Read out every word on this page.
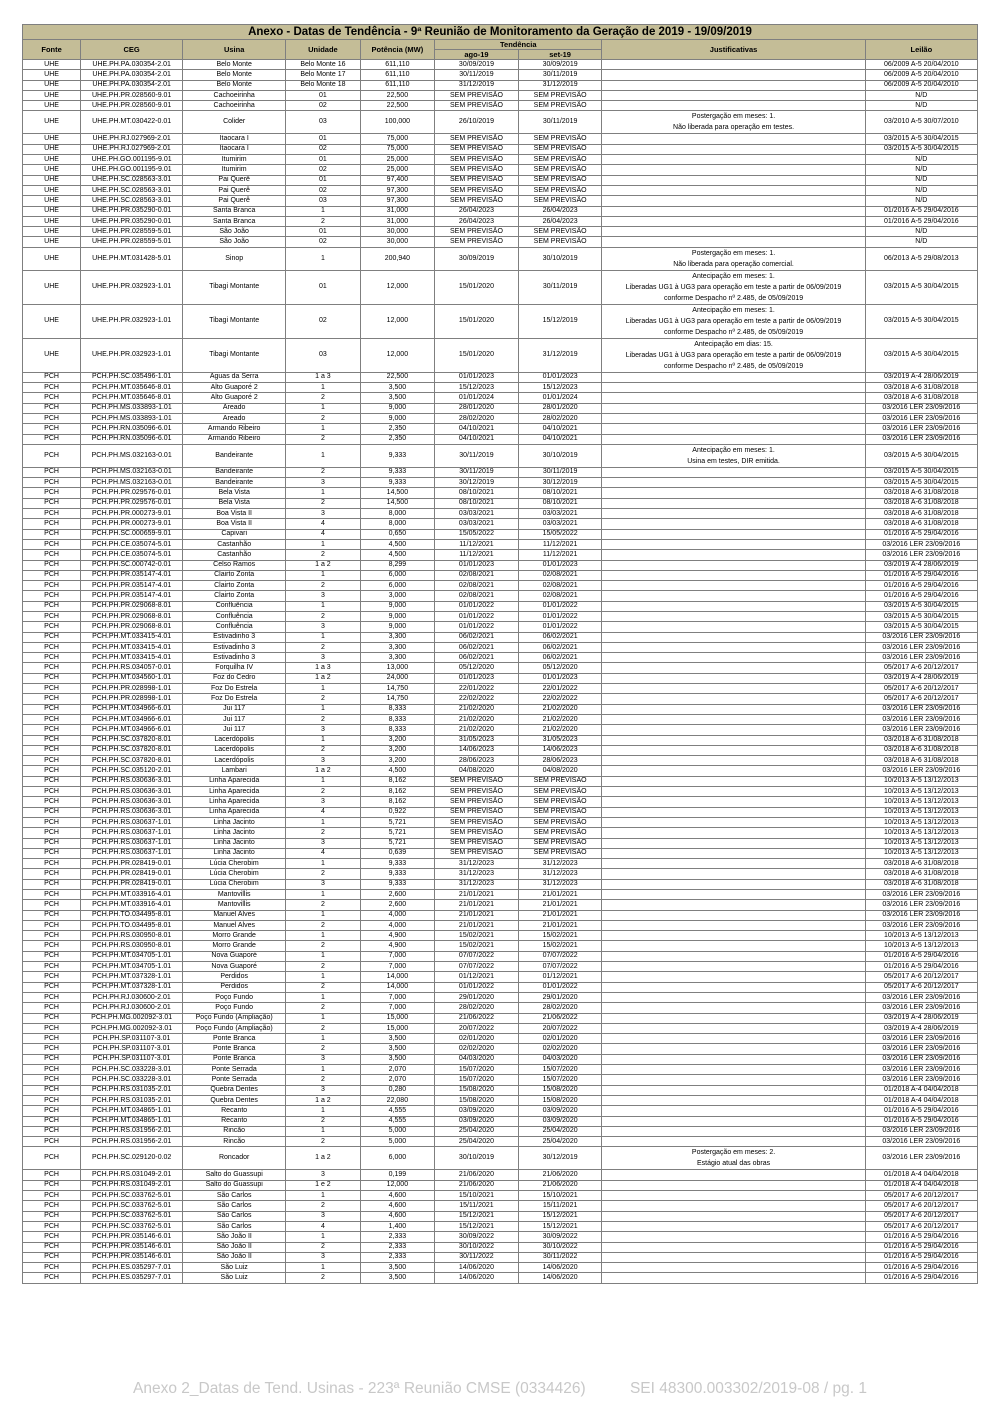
Anexo - Datas de Tendência - 9ª Reunião de Monitoramento da Geração de 2019 - 19/09/2019								
Fonte	CEG	Usina	Unidade	Potência (MW)	Tendência		Justificativas	Leilão
					ago-19	set-19		
UHE	UHE.PH.PA.030354-2.01	Belo Monte	Belo Monte 16	611,110	30/09/2019	30/09/2019		06/2009 A-5 20/04/2010
UHE	UHE.PH.PA.030354-2.01	Belo Monte	Belo Monte 17	611,110	30/11/2019	30/11/2019		06/2009 A-5 20/04/2010
UHE	UHE.PH.PA.030354-2.01	Belo Monte	Belo Monte 18	611,110	31/12/2019	31/12/2019		06/2009 A-5 20/04/2010
UHE	UHE.PH.PR.028560-9.01	Cachoeirinha	01	22,500	SEM PREVISÃO	SEM PREVISÃO		N/D
UHE	UHE.PH.PR.028560-9.01	Cachoeirinha	02	22,500	SEM PREVISÃO	SEM PREVISÃO		N/D
UHE	UHE.PH.MT.030422-0.01	Colider	03	100,000	26/10/2019	30/11/2019	Postergação em meses: 1.
Não liberada para operação em testes.	03/2010 A-5 30/07/2010
UHE	UHE.PH.RJ.027969-2.01	Itaocara I	01	75,000	SEM PREVISÃO	SEM PREVISÃO		03/2015 A-5 30/04/2015
UHE	UHE.PH.RJ.027969-2.01	Itaocara I	02	75,000	SEM PREVISÃO	SEM PREVISÃO		03/2015 A-5 30/04/2015
UHE	UHE.PH.GO.001195-9.01	Itumirim	01	25,000	SEM PREVISÃO	SEM PREVISÃO		N/D
UHE	UHE.PH.GO.001195-9.01	Itumirim	02	25,000	SEM PREVISÃO	SEM PREVISÃO		N/D
UHE	UHE.PH.SC.028563-3.01	Pai Querê	01	97,400	SEM PREVISÃO	SEM PREVISÃO		N/D
UHE	UHE.PH.SC.028563-3.01	Pai Querê	02	97,300	SEM PREVISÃO	SEM PREVISÃO		N/D
UHE	UHE.PH.SC.028563-3.01	Pai Querê	03	97,300	SEM PREVISÃO	SEM PREVISÃO		N/D
UHE	UHE.PH.PR.035290-0.01	Santa Branca	1	31,000	26/04/2023	26/04/2023		01/2016 A-5 29/04/2016
UHE	UHE.PH.PR.035290-0.01	Santa Branca	2	31,000	26/04/2023	26/04/2023		01/2016 A-5 29/04/2016
UHE	UHE.PH.PR.028559-5.01	São João	01	30,000	SEM PREVISÃO	SEM PREVISÃO		N/D
UHE	UHE.PH.PR.028559-5.01	São João	02	30,000	SEM PREVISÃO	SEM PREVISÃO		N/D
UHE	UHE.PH.MT.031428-5.01	Sinop	1	200,940	30/09/2019	30/10/2019	Postergação em meses: 1.
Não liberada para operação comercial.	06/2013 A-5 29/08/2013
UHE	UHE.PH.PR.032923-1.01	Tibagi Montante	01	12,000	15/01/2020	30/11/2019	Antecipação em meses: 1.
Liberadas UG1 à UG3 para operação em teste a partir de 06/09/2019
conforme Despacho nº 2.485, de 05/09/2019	03/2015 A-5 30/04/2015
UHE	UHE.PH.PR.032923-1.01	Tibagi Montante	02	12,000	15/01/2020	15/12/2019	Antecipação em meses: 1.
Liberadas UG1 à UG3 para operação em teste a partir de 06/09/2019
conforme Despacho nº 2.485, de 05/09/2019	03/2015 A-5 30/04/2015
UHE	UHE.PH.PR.032923-1.01	Tibagi Montante	03	12,000	15/01/2020	31/12/2019	Antecipação em dias: 15.
Liberadas UG1 à UG3 para operação em teste a partir de 06/09/2019
conforme Despacho nº 2.485, de 05/09/2019	03/2015 A-5 30/04/2015
PCH	PCH.PH.SC.035496-1.01	Águas da Serra	1 a 3	22,500	01/01/2023	01/01/2023		03/2019 A-4 28/06/2019
PCH	PCH.PH.MT.035646-8.01	Alto Guaporé 2	1	3,500	15/12/2023	15/12/2023		03/2018 A-6 31/08/2018
PCH	PCH.PH.MT.035646-8.01	Alto Guaporé 2	2	3,500	01/01/2024	01/01/2024		03/2018 A-6 31/08/2018
PCH	PCH.PH.MS.033893-1.01	Areado	1	9,000	28/01/2020	28/01/2020		03/2016 LER 23/09/2016
PCH	PCH.PH.MS.033893-1.01	Areado	2	9,000	28/02/2020	28/02/2020		03/2016 LER 23/09/2016
PCH	PCH.PH.RN.035096-6.01	Armando Ribeiro	1	2,350	04/10/2021	04/10/2021		03/2016 LER 23/09/2016
PCH	PCH.PH.RN.035096-6.01	Armando Ribeiro	2	2,350	04/10/2021	04/10/2021		03/2016 LER 23/09/2016
PCH	PCH.PH.MS.032163-0.01	Bandeirante	1	9,333	30/11/2019	30/10/2019	Antecipação em meses: 1.
Usina em testes, DIR emitida.	03/2015 A-5 30/04/2015
PCH	PCH.PH.MS.032163-0.01	Bandeirante	2	9,333	30/11/2019	30/11/2019		03/2015 A-5 30/04/2015
PCH	PCH.PH.MS.032163-0.01	Bandeirante	3	9,333	30/12/2019	30/12/2019		03/2015 A-5 30/04/2015
PCH	PCH.PH.PR.029576-0.01	Bela Vista	1	14,500	08/10/2021	08/10/2021		03/2018 A-6 31/08/2018
PCH	PCH.PH.PR.029576-0.01	Bela Vista	2	14,500	08/10/2021	08/10/2021		03/2018 A-6 31/08/2018
PCH	PCH.PH.PR.000273-9.01	Boa Vista II	3	8,000	03/03/2021	03/03/2021		03/2018 A-6 31/08/2018
PCH	PCH.PH.PR.000273-9.01	Boa Vista II	4	8,000	03/03/2021	03/03/2021		03/2018 A-6 31/08/2018
PCH	PCH.PH.SC.000659-9.01	Capivari	4	0,650	15/05/2022	15/05/2022		01/2016 A-5 29/04/2016
PCH	PCH.PH.CE.035074-5.01	Castanhão	1	4,500	11/12/2021	11/12/2021		03/2016 LER 23/09/2016
PCH	PCH.PH.CE.035074-5.01	Castanhão	2	4,500	11/12/2021	11/12/2021		03/2016 LER 23/09/2016
PCH	PCH.PH.SC.000742-0.01	Celso Ramos	1 a 2	8,299	01/01/2023	01/01/2023		03/2019 A-4 28/06/2019
PCH	PCH.PH.PR.035147-4.01	Clairto Zonta	1	6,000	02/08/2021	02/08/2021		01/2016 A-5 29/04/2016
PCH	PCH.PH.PR.035147-4.01	Clairto Zonta	2	6,000	02/08/2021	02/08/2021		01/2016 A-5 29/04/2016
PCH	PCH.PH.PR.035147-4.01	Clairto Zonta	3	3,000	02/08/2021	02/08/2021		01/2016 A-5 29/04/2016
PCH	PCH.PH.PR.029068-8.01	Confluência	1	9,000	01/01/2022	01/01/2022		03/2015 A-5 30/04/2015
PCH	PCH.PH.PR.029068-8.01	Confluência	2	9,000	01/01/2022	01/01/2022		03/2015 A-5 30/04/2015
PCH	PCH.PH.PR.029068-8.01	Confluência	3	9,000	01/01/2022	01/01/2022		03/2015 A-5 30/04/2015
PCH	PCH.PH.MT.033415-4.01	Estivadinho 3	1	3,300	06/02/2021	06/02/2021		03/2016 LER 23/09/2016
PCH	PCH.PH.MT.033415-4.01	Estivadinho 3	2	3,300	06/02/2021	06/02/2021		03/2016 LER 23/09/2016
PCH	PCH.PH.MT.033415-4.01	Estivadinho 3	3	3,300	06/02/2021	06/02/2021		03/2016 LER 23/09/2016
PCH	PCH.PH.RS.034057-0.01	Forquilha IV	1 a 3	13,000	05/12/2020	05/12/2020		05/2017 A-6 20/12/2017
PCH	PCH.PH.MT.034560-1.01	Foz do Cedro	1 a 2	24,000	01/01/2023	01/01/2023		03/2019 A-4 28/06/2019
PCH	PCH.PH.PR.028998-1.01	Foz Do Estrela	1	14,750	22/01/2022	22/01/2022		05/2017 A-6 20/12/2017
PCH	PCH.PH.PR.028998-1.01	Foz Do Estrela	2	14,750	22/02/2022	22/02/2022		05/2017 A-6 20/12/2017
PCH	PCH.PH.MT.034966-6.01	Jui 117	1	8,333	21/02/2020	21/02/2020		03/2016 LER 23/09/2016
PCH	PCH.PH.MT.034966-6.01	Jui 117	2	8,333	21/02/2020	21/02/2020		03/2016 LER 23/09/2016
PCH	PCH.PH.MT.034966-6.01	Jui 117	3	8,333	21/02/2020	21/02/2020		03/2016 LER 23/09/2016
PCH	PCH.PH.SC.037820-8.01	Lacerdópolis	1	3,200	31/05/2023	31/05/2023		03/2018 A-6 31/08/2018
PCH	PCH.PH.SC.037820-8.01	Lacerdópolis	2	3,200	14/06/2023	14/06/2023		03/2018 A-6 31/08/2018
PCH	PCH.PH.SC.037820-8.01	Lacerdópolis	3	3,200	28/06/2023	28/06/2023		03/2018 A-6 31/08/2018
PCH	PCH.PH.SC.035120-2.01	Lambari	1 a 2	4,500	04/08/2020	04/08/2020		03/2016 LER 23/09/2016
PCH	PCH.PH.RS.030636-3.01	Linha Aparecida	1	8,162	SEM PREVISÃO	SEM PREVISÃO		10/2013 A-5 13/12/2013
PCH	PCH.PH.RS.030636-3.01	Linha Aparecida	2	8,162	SEM PREVISÃO	SEM PREVISÃO		10/2013 A-5 13/12/2013
PCH	PCH.PH.RS.030636-3.01	Linha Aparecida	3	8,162	SEM PREVISÃO	SEM PREVISÃO		10/2013 A-5 13/12/2013
PCH	PCH.PH.RS.030636-3.01	Linha Aparecida	4	0,922	SEM PREVISÃO	SEM PREVISÃO		10/2013 A-5 13/12/2013
PCH	PCH.PH.RS.030637-1.01	Linha Jacinto	1	5,721	SEM PREVISÃO	SEM PREVISÃO		10/2013 A-5 13/12/2013
PCH	PCH.PH.RS.030637-1.01	Linha Jacinto	2	5,721	SEM PREVISÃO	SEM PREVISÃO		10/2013 A-5 13/12/2013
PCH	PCH.PH.RS.030637-1.01	Linha Jacinto	3	5,721	SEM PREVISÃO	SEM PREVISÃO		10/2013 A-5 13/12/2013
PCH	PCH.PH.RS.030637-1.01	Linha Jacinto	4	0,639	SEM PREVISÃO	SEM PREVISÃO		10/2013 A-5 13/12/2013
PCH	PCH.PH.PR.028419-0.01	Lúcia Cherobim	1	9,333	31/12/2023	31/12/2023		03/2018 A-6 31/08/2018
PCH	PCH.PH.PR.028419-0.01	Lúcia Cherobim	2	9,333	31/12/2023	31/12/2023		03/2018 A-6 31/08/2018
PCH	PCH.PH.PR.028419-0.01	Lúcia Cherobim	3	9,333	31/12/2023	31/12/2023		03/2018 A-6 31/08/2018
PCH	PCH.PH.MT.033916-4.01	Mantovillis	1	2,600	21/01/2021	21/01/2021		03/2016 LER 23/09/2016
PCH	PCH.PH.MT.033916-4.01	Mantovillis	2	2,600	21/01/2021	21/01/2021		03/2016 LER 23/09/2016
PCH	PCH.PH.TO.034495-8.01	Manuel Alves	1	4,000	21/01/2021	21/01/2021		03/2016 LER 23/09/2016
PCH	PCH.PH.TO.034495-8.01	Manuel Alves	2	4,000	21/01/2021	21/01/2021		03/2016 LER 23/09/2016
PCH	PCH.PH.RS.030950-8.01	Morro Grande	1	4,900	15/02/2021	15/02/2021		10/2013 A-5 13/12/2013
PCH	PCH.PH.RS.030950-8.01	Morro Grande	2	4,900	15/02/2021	15/02/2021		10/2013 A-5 13/12/2013
PCH	PCH.PH.MT.034705-1.01	Nova Guaporé	1	7,000	07/07/2022	07/07/2022		01/2016 A-5 29/04/2016
PCH	PCH.PH.MT.034705-1.01	Nova Guaporé	2	7,000	07/07/2022	07/07/2022		01/2016 A-5 29/04/2016
PCH	PCH.PH.MT.037328-1.01	Perdidos	1	14,000	01/12/2021	01/12/2021		05/2017 A-6 20/12/2017
PCH	PCH.PH.MT.037328-1.01	Perdidos	2	14,000	01/01/2022	01/01/2022		05/2017 A-6 20/12/2017
PCH	PCH.PH.RJ.030600-2.01	Poço Fundo	1	7,000	29/01/2020	29/01/2020		03/2016 LER 23/09/2016
PCH	PCH.PH.RJ.030600-2.01	Poço Fundo	2	7,000	28/02/2020	28/02/2020		03/2016 LER 23/09/2016
PCH	PCH.PH.MG.002092-3.01	Poço Fundo (Ampliação)	1	15,000	21/06/2022	21/06/2022		03/2019 A-4 28/06/2019
PCH	PCH.PH.MG.002092-3.01	Poço Fundo (Ampliação)	2	15,000	20/07/2022	20/07/2022		03/2019 A-4 28/06/2019
PCH	PCH.PH.SP.031107-3.01	Ponte Branca	1	3,500	02/01/2020	02/01/2020		03/2016 LER 23/09/2016
PCH	PCH.PH.SP.031107-3.01	Ponte Branca	2	3,500	02/02/2020	02/02/2020		03/2016 LER 23/09/2016
PCH	PCH.PH.SP.031107-3.01	Ponte Branca	3	3,500	04/03/2020	04/03/2020		03/2016 LER 23/09/2016
PCH	PCH.PH.SC.033228-3.01	Ponte Serrada	1	2,070	15/07/2020	15/07/2020		03/2016 LER 23/09/2016
PCH	PCH.PH.SC.033228-3.01	Ponte Serrada	2	2,070	15/07/2020	15/07/2020		03/2016 LER 23/09/2016
PCH	PCH.PH.RS.031035-2.01	Quebra Dentes	3	0,280	15/08/2020	15/08/2020		01/2018 A-4 04/04/2018
PCH	PCH.PH.RS.031035-2.01	Quebra Dentes	1 a 2	22,080	15/08/2020	15/08/2020		01/2018 A-4 04/04/2018
PCH	PCH.PH.MT.034865-1.01	Recanto	1	4,555	03/09/2020	03/09/2020		01/2016 A-5 29/04/2016
PCH	PCH.PH.MT.034865-1.01	Recanto	2	4,555	03/09/2020	03/09/2020		01/2016 A-5 29/04/2016
PCH	PCH.PH.RS.031956-2.01	Rincão	1	5,000	25/04/2020	25/04/2020		03/2016 LER 23/09/2016
PCH	PCH.PH.RS.031956-2.01	Rincão	2	5,000	25/04/2020	25/04/2020		03/2016 LER 23/09/2016
PCH	PCH.PH.SC.029120-0.02	Roncador	1 a 2	6,000	30/10/2019	30/12/2019	Postergação em meses: 2.
Estágio atual das obras	03/2016 LER 23/09/2016
PCH	PCH.PH.RS.031049-2.01	Salto do Guassupi	3	0,199	21/06/2020	21/06/2020		01/2018 A-4 04/04/2018
PCH	PCH.PH.RS.031049-2.01	Salto do Guassupi	1 e 2	12,000	21/06/2020	21/06/2020		01/2018 A-4 04/04/2018
PCH	PCH.PH.SC.033762-5.01	São Carlos	1	4,600	15/10/2021	15/10/2021		05/2017 A-6 20/12/2017
PCH	PCH.PH.SC.033762-5.01	São Carlos	2	4,600	15/11/2021	15/11/2021		05/2017 A-6 20/12/2017
PCH	PCH.PH.SC.033762-5.01	São Carlos	3	4,600	15/12/2021	15/12/2021		05/2017 A-6 20/12/2017
PCH	PCH.PH.SC.033762-5.01	São Carlos	4	1,400	15/12/2021	15/12/2021		05/2017 A-6 20/12/2017
PCH	PCH.PH.PR.035146-6.01	São João II	1	2,333	30/09/2022	30/09/2022		01/2016 A-5 29/04/2016
PCH	PCH.PH.PR.035146-6.01	São João II	2	2,333	30/10/2022	30/10/2022		01/2016 A-5 29/04/2016
PCH	PCH.PH.PR.035146-6.01	São João II	3	2,333	30/11/2022	30/11/2022		01/2016 A-5 29/04/2016
PCH	PCH.PH.ES.035297-7.01	São Luiz	1	3,500	14/06/2020	14/06/2020		01/2016 A-5 29/04/2016
PCH	PCH.PH.ES.035297-7.01	São Luiz	2	3,500	14/06/2020	14/06/2020		01/2016 A-5 29/04/2016
Anexo 2_Datas de Tend. Usinas - 223ª Reunião CMSE (0334426)	SEI 48300.003302/2019-08 / pg. 1
